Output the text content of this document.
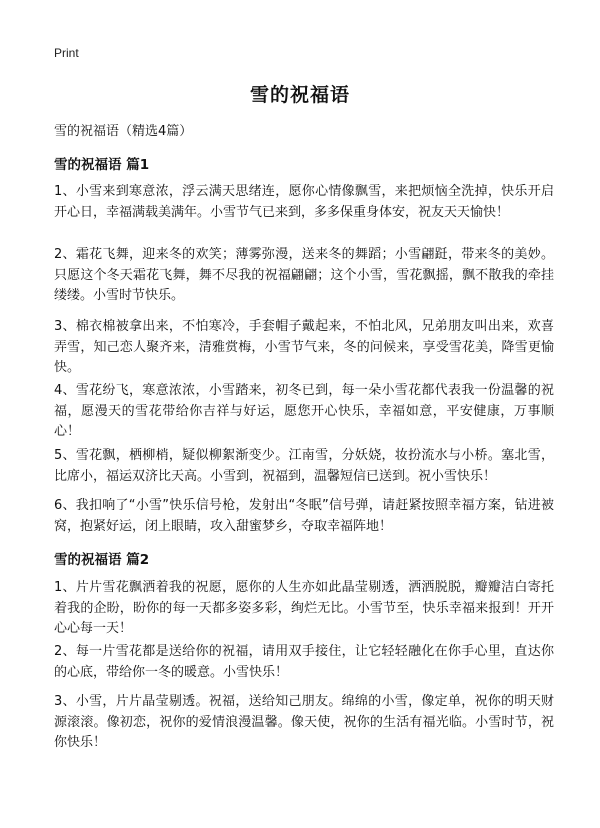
Print
雪的祝福语

雪的祝福语（精选4篇）

雪的祝福语 篇1

1、小雪来到寒意浓，浮云满天思绪连，愿你心情像飘雪，来把烦恼全洗掉，快乐开启开心日，幸福满载美满年。小雪节气已来到，多多保重身体安，祝友天天愉快！

2、霜花飞舞，迎来冬的欢笑；薄雾弥漫，送来冬的舞蹈；小雪翩跹，带来冬的美妙。只愿这个冬天霜花飞舞，舞不尽我的祝福翩翩；这个小雪，雪花飘摇，飘不散我的牵挂缕缕。小雪时节快乐。

3、棉衣棉被拿出来，不怕寒冷，手套帽子戴起来，不怕北风，兄弟朋友叫出来，欢喜弄雪，知己恋人聚齐来，清雅赏梅，小雪节气来，冬的问候来，享受雪花美，降雪更愉快。

4、雪花纷飞，寒意浓浓，小雪踏来，初冬已到，每一朵小雪花都代表我一份温馨的祝福，愿漫天的雪花带给你吉祥与好运，愿您开心快乐，幸福如意，平安健康，万事顺心！

5、雪花飘，栖柳梢，疑似柳絮渐变少。江南雪，分妖娆，妆扮流水与小桥。塞北雪，比席小，福运双济比天高。小雪到，祝福到，温馨短信已送到。祝小雪快乐！

6、我扣响了“小雪”快乐信号枪，发射出“冬眠”信号弹，请赶紧按照幸福方案，钻进被窝，抱紧好运，闭上眼睛，攻入甜蜜梦乡，夺取幸福阵地！

雪的祝福语 篇2

1、片片雪花飘洒着我的祝愿，愿你的人生亦如此晶莹剔透，洒洒脱脱，瓣瓣洁白寄托着我的企盼，盼你的每一天都多姿多彩，绚烂无比。小雪节至，快乐幸福来报到！开开心心每一天！

2、每一片雪花都是送给你的祝福，请用双手接住，让它轻轻融化在你手心里，直达你的心底，带给你一冬的暖意。小雪快乐！

3、小雪，片片晶莹剔透。祝福，送给知己朋友。绵绵的小雪，像定单，祝你的明天财源滚滚。像初恋，祝你的爱情浪漫温馨。像天使，祝你的生活有福光临。小雪时节，祝你快乐！
